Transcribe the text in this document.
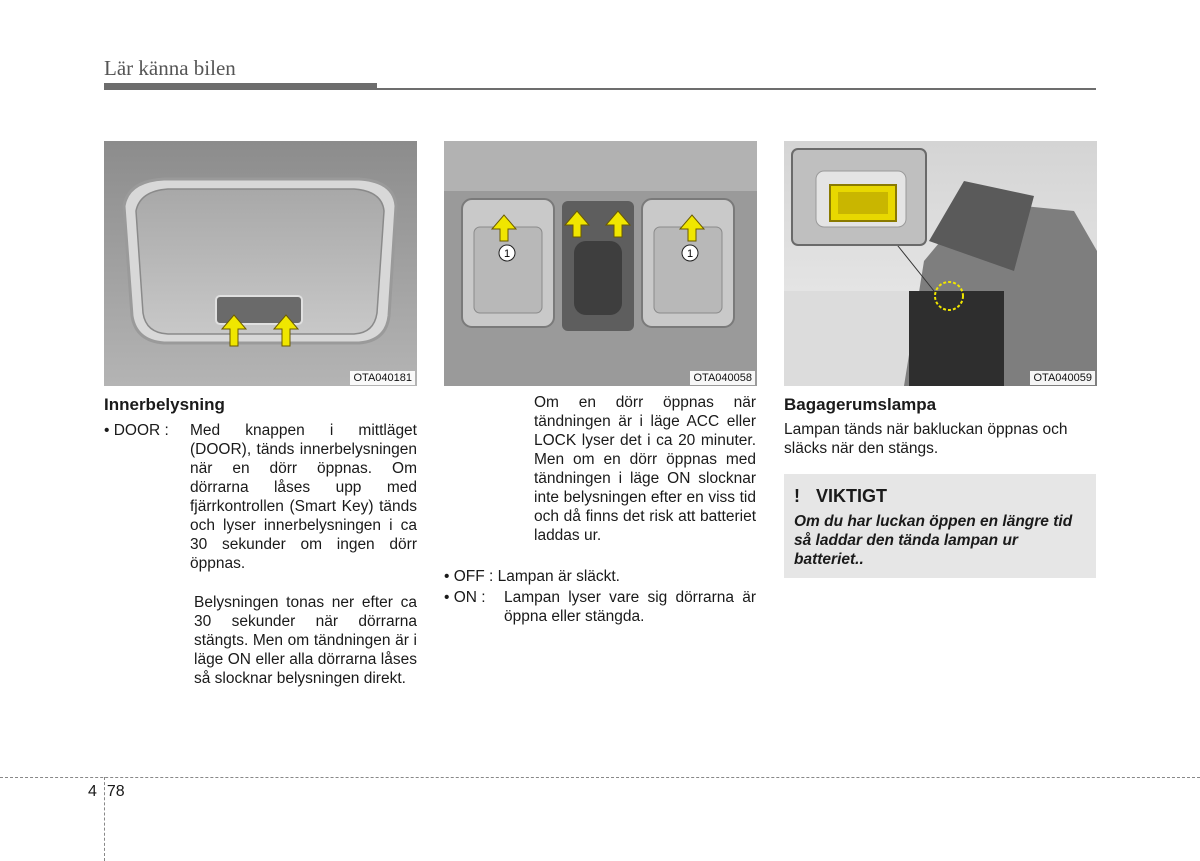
Lär känna bilen
OTA040181
1	1
OTA040058	OTA040059
Innerbelysning
• DOOR : Med knappen i mittläget (DOOR), tänds innerbelysningen när en dörr öppnas. Om dörrarna låses upp med fjärrkontrollen (Smart Key) tänds och lyser innerbelysningen i ca 30 sekunder om ingen dörr öppnas.
Belysningen tonas ner efter ca 30 sekunder när dörrarna stängts. Men om tändningen är i läge ON eller alla dörrarna låses så slocknar belysningen direkt.
Om en dörr öppnas när tändningen är i läge ACC eller LOCK lyser det i ca 20 minuter. Men om en dörr öppnas med tändningen i läge ON slocknar inte belysningen efter en viss tid och då finns det risk att batteriet laddas ur.
• OFF : Lampan är släckt.
• ON : Lampan lyser vare sig dörrarna är öppna eller stängda.
Bagagerumslampa
Lampan tänds när bakluckan öppnas och släcks när den stängs.
! VIKTIGT
Om du har luckan öppen en längre tid så laddar den tända lampan ur batteriet..
4 78
